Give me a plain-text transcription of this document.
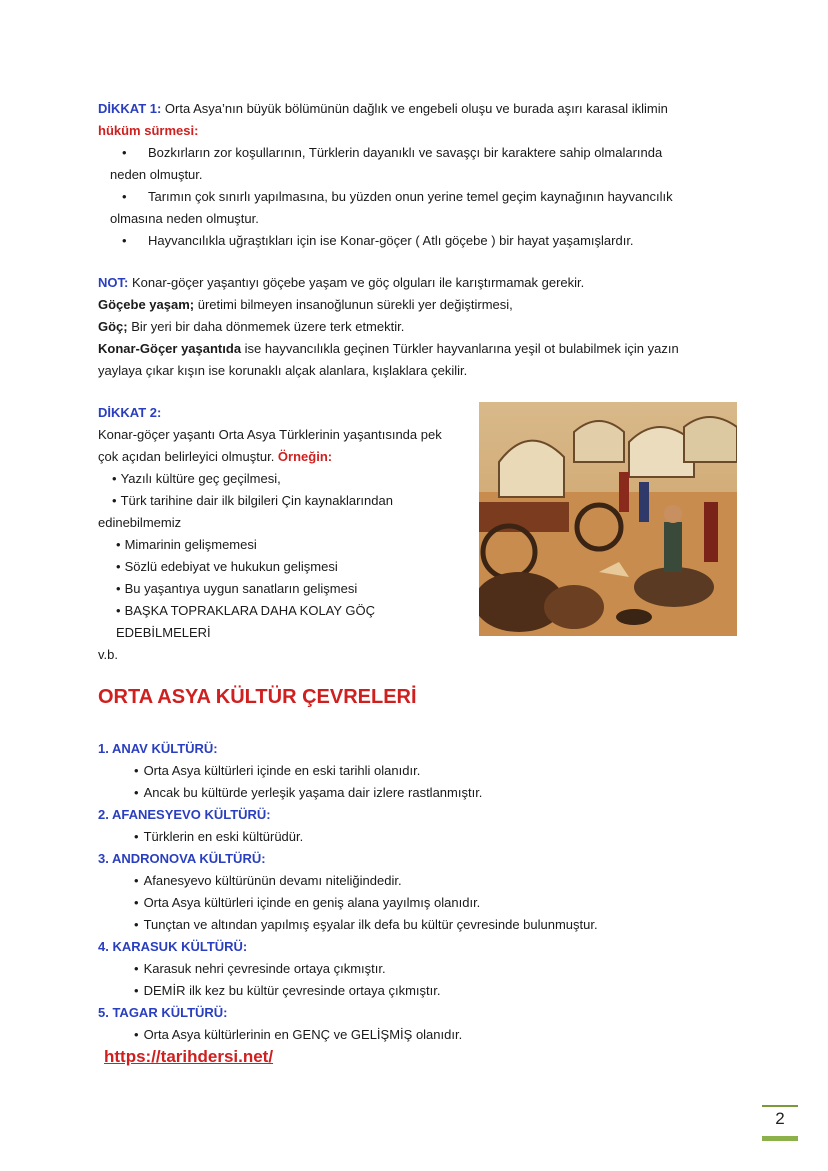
DİKKAT 1: Orta Asya’nın büyük bölümünün dağlık ve engebeli oluşu ve burada aşırı karasal iklimin

hüküm sürmesi:

• Bozkırların zor koşullarının, Türklerin dayanıklı ve savaşçı bir karaktere sahip olmalarında

neden olmuştur.

• Tarımın çok sınırlı yapılmasına, bu yüzden onun yerine temel geçim kaynağının hayvancılık

olmasına neden olmuştur.

• Hayvancılıkla uğraştıkları için ise Konar-göçer ( Atlı göçebe ) bir hayat yaşamışlardır.

NOT: Konar-göçer yaşantıyı göçebe yaşam ve göç olguları ile karıştırmamak gerekir.

Göçebe yaşam; üretimi bilmeyen insanoğlunun sürekli yer değiştirmesi,

Göç; Bir yeri bir daha dönmemek üzere terk etmektir.

Konar-Göçer yaşantıda ise hayvancılıkla geçinen Türkler hayvanlarına yeşil ot bulabilmek için yazın

yaylaya çıkar kışın ise korunaklı alçak alanlara, kışlaklara çekilir.

DİKKAT 2:

Konar-göçer yaşantı Orta Asya Türklerinin yaşantısında pek

çok açıdan belirleyici olmuştur. Örneğin:

• Yazılı kültüre geç geçilmesi,

• Türk tarihine dair ilk bilgileri Çin kaynaklarından

edinebilmemiz

• Mimarinin gelişmemesi

• Sözlü edebiyat ve hukukun gelişmesi

• Bu yaşantıya uygun sanatların gelişmesi

• BAŞKA TOPRAKLARA DAHA KOLAY GÖÇ EDEBİLMELERİ

v.b.

ORTA ASYA KÜLTÜR ÇEVRELERİ
1. ANAV KÜLTÜRÜ:
• Orta Asya kültürleri içinde en eski tarihli olanıdır.
• Ancak bu kültürde yerleşik yaşama dair izlere rastlanmıştır.
2. AFANESYEVO KÜLTÜRÜ:
• Türklerin en eski kültürüdür.
3. ANDRONOVA KÜLTÜRÜ:
• Afanesyevo kültürünün devamı niteliğindedir.
• Orta Asya kültürleri içinde en geniş alana yayılmış olanıdır.
• Tunçtan ve altından yapılmış eşyalar ilk defa bu kültür çevresinde bulunmuştur.
4. KARASUK KÜLTÜRÜ:
• Karasuk nehri çevresinde ortaya çıkmıştır.
• DEMİR ilk kez bu kültür çevresinde ortaya çıkmıştır.
5. TAGAR KÜLTÜRÜ:
• Orta Asya kültürlerinin en GENÇ ve GELİŞMİŞ olanıdır.
https://tarihdersi.net/
2
